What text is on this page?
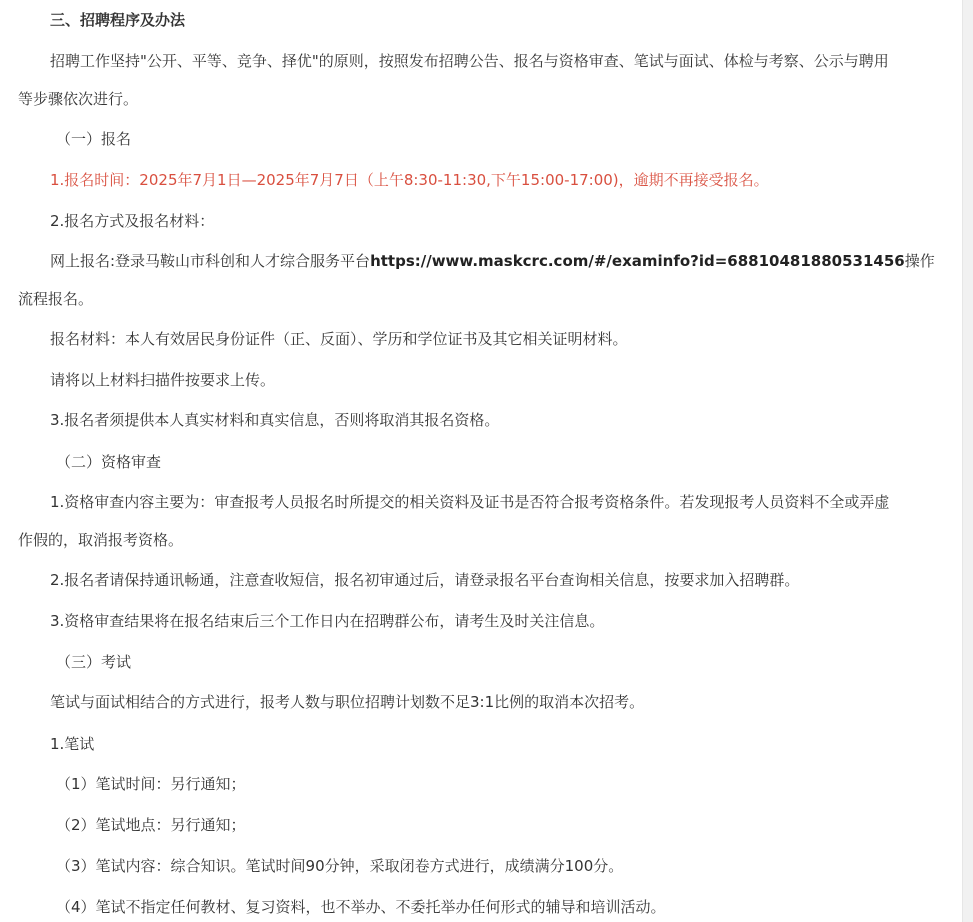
三、招聘程序及办法

招聘工作坚持"公开、平等、竞争、择优"的原则，按照发布招聘公告、报名与资格审查、笔试与面试、体检与考察、公示与聘用

等步骤依次进行。

（一）报名

1.报名时间：2025年7月1日—2025年7月7日（上午8:30-11:30,下午15:00-17:00)，逾期不再接受报名。

2.报名方式及报名材料：

网上报名:登录马鞍山市科创和人才综合服务平台https://www.maskcrc.com/#/examinfo?id=68810481880531456操作

流程报名。

报名材料：本人有效居民身份证件（正、反面）、学历和学位证书及其它相关证明材料。

请将以上材料扫描件按要求上传。

3.报名者须提供本人真实材料和真实信息，否则将取消其报名资格。

（二）资格审查

1.资格审查内容主要为：审查报考人员报名时所提交的相关资料及证书是否符合报考资格条件。若发现报考人员资料不全或弄虚

作假的，取消报考资格。

2.报名者请保持通讯畅通，注意查收短信，报名初审通过后，请登录报名平台查询相关信息，按要求加入招聘群。

3.资格审查结果将在报名结束后三个工作日内在招聘群公布，请考生及时关注信息。

（三）考试

笔试与面试相结合的方式进行，报考人数与职位招聘计划数不足3:1比例的取消本次招考。

1.笔试

（1）笔试时间：另行通知；

（2）笔试地点：另行通知；

（3）笔试内容：综合知识。笔试时间90分钟，采取闭卷方式进行，成绩满分100分。

（4）笔试不指定任何教材、复习资料，也不举办、不委托举办任何形式的辅导和培训活动。
